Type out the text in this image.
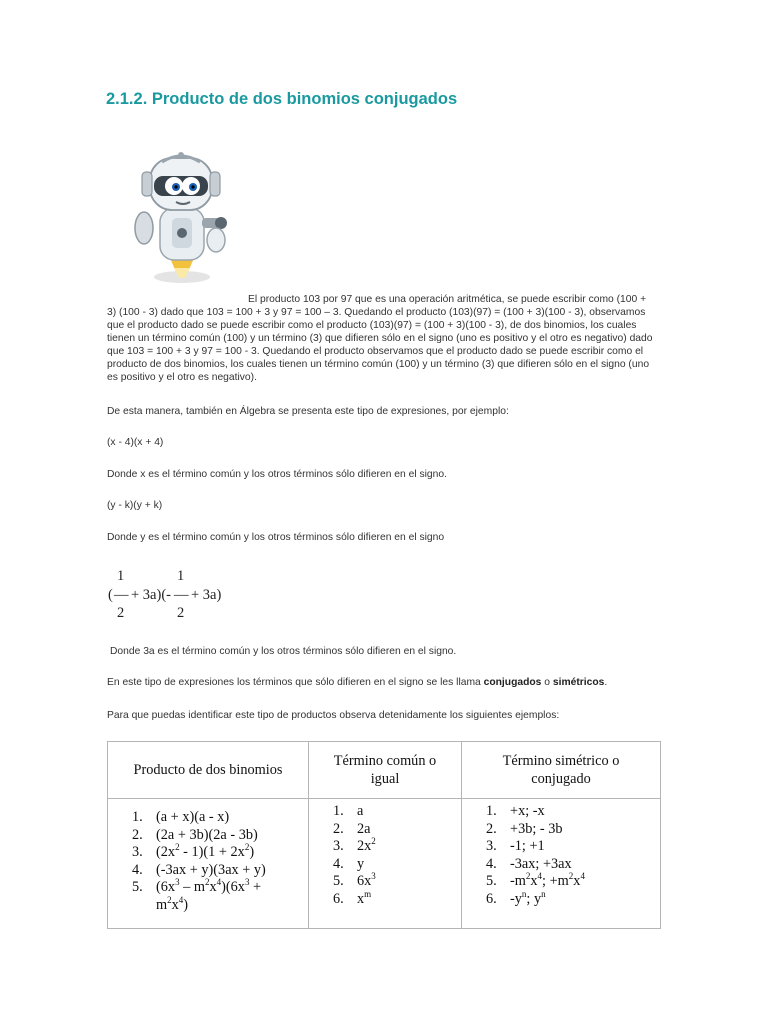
2.1.2. Producto de dos binomios conjugados

El producto 103 por 97 que es una operación aritmética, se puede escribir como (100 + 3) (100 - 3) dado que 103 = 100 + 3 y 97 = 100 – 3. Quedando el producto (103)(97) = (100 + 3)(100 - 3), observamos que el producto dado se puede escribir como el producto (103)(97) = (100 + 3)(100 - 3), de dos binomios, los cuales tienen un término común (100) y un término (3) que difieren sólo en el signo (uno es positivo y el otro es negativo) dado que 103 = 100 + 3 y 97 = 100 - 3. Quedando el producto observamos que el producto dado se puede escribir como el producto de dos binomios, los cuales tienen un término común (100) y un término (3) que difieren sólo en el signo (uno es positivo y el otro es negativo).

De esta manera, también en Álgebra se presenta este tipo de expresiones, por ejemplo:

(x - 4)(x + 4)

Donde x es el término común y los otros términos sólo difieren en el signo.

(y - k)(y + k)

Donde y es el término común y los otros términos sólo difieren en el signo

1
( —
2
+ 3a)(-
1
—
2
+ 3a)

Donde 3a es el término común y los otros términos sólo difieren en el signo.

En este tipo de expresiones los términos que sólo difieren en el signo se les llama conjugados o simétricos.

Para que puedas identificar este tipo de productos observa detenidamente los siguientes ejemplos:

Producto de dos binomios
Término común o igual
Término simétrico o conjugado
1. (a + x)(a - x)
2. (2a + 3b)(2a - 3b)
3. $(2x^2 - 1)(1 + 2x^2)$
4. (-3ax + y)(3ax + y)
5. $(6x^3 - m^2x^4)(6x^3$ +
$m^2x^4$)
1. a
2. 2a
3. $2x^2$
4. y
5. $6x^3$
6. $x^m$
1. +x; -x
2. +3b; - 3b
3. -1; +1
4. -3ax; +3ax
5. $-m^2x^4$; $+m^2x^4$
6. $-y^n$; $y^n$
